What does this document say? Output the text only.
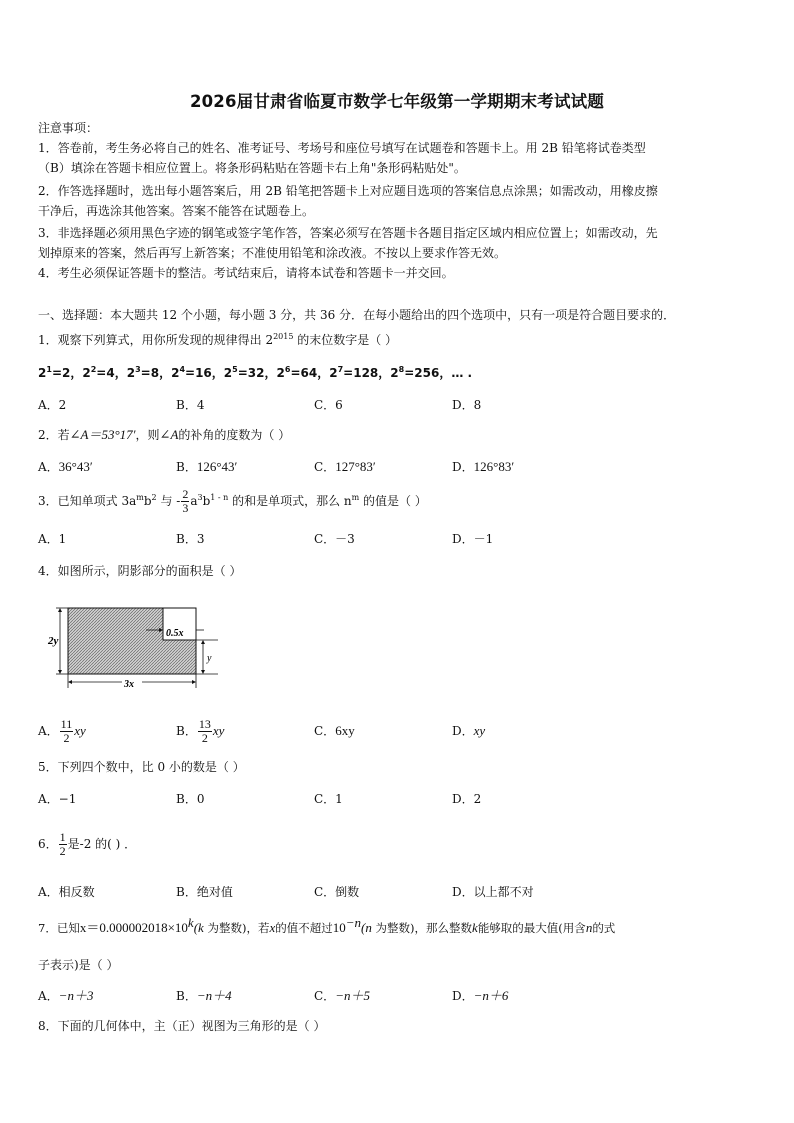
2026届甘肃省临夏市数学七年级第一学期期末考试试题
注意事项：
1．答卷前，考生务必将自己的姓名、准考证号、考场号和座位号填写在试题卷和答题卡上。用 2B 铅笔将试卷类型
（B）填涂在答题卡相应位置上。将条形码粘贴在答题卡右上角"条形码粘贴处"。
2．作答选择题时，选出每小题答案后，用 2B 铅笔把答题卡上对应题目选项的答案信息点涂黑；如需改动，用橡皮擦
干净后，再选涂其他答案。答案不能答在试题卷上。
3．非选择题必须用黑色字迹的钢笔或签字笔作答，答案必须写在答题卡各题目指定区域内相应位置上；如需改动，先
划掉原来的答案，然后再写上新答案；不准使用铅笔和涂改液。不按以上要求作答无效。
4．考生必须保证答题卡的整洁。考试结束后，请将本试卷和答题卡一并交回。
一、选择题：本大题共 12 个小题，每小题 3 分，共 36 分．在每小题给出的四个选项中，只有一项是符合题目要求的．
1．观察下列算式，用你所发现的规律得出 $2^{2015}$ 的末位数字是（ ）
$2^1=2$，$2^2=4$，$2^3=8$，$2^4=16$，$2^5=32$，$2^6=64$，$2^7=128$，$2^8=256$，… .
A．2	B．4	C．6	D．8
2．若∠A＝53°17′，则∠A的补角的度数为（ ）
A．36°43′	B．126°43′	C．127°83′	D．126°83′
3．已知单项式 $3a^mb^2$ 与 - $\frac{2}{3} a^3b^{1 - n}$ 的和是单项式，那么 $n^m$ 的值是（ ）
A．1	B．3	C．－3	D．－1
4．如图所示，阴影部分的面积是（ ）
2y
0.5x
y
3x
A． $\frac{11}{2}$ xy	B． $\frac{13}{2}$ xy	C．6xy	D．xy
5．下列四个数中，比 0 小的数是（ ）
A．−1	B．0	C．1	D．2
6． $\frac{1}{2}$ 是-2 的( ) ．
A．相反数	B．绝对值	C．倒数	D．以上都不对
7．已知$x=0.000002018\times 10^k(k$ 为整数)，若x的值不超过$10^{-n}(n$ 为整数)，那么整数k能够取的最大值(用含n的式
子表示)是（ ）
A．−n＋3	B．−n＋4	C．−n＋5	D．−n＋6
8．下面的几何体中，主（正）视图为三角形的是（ ）
